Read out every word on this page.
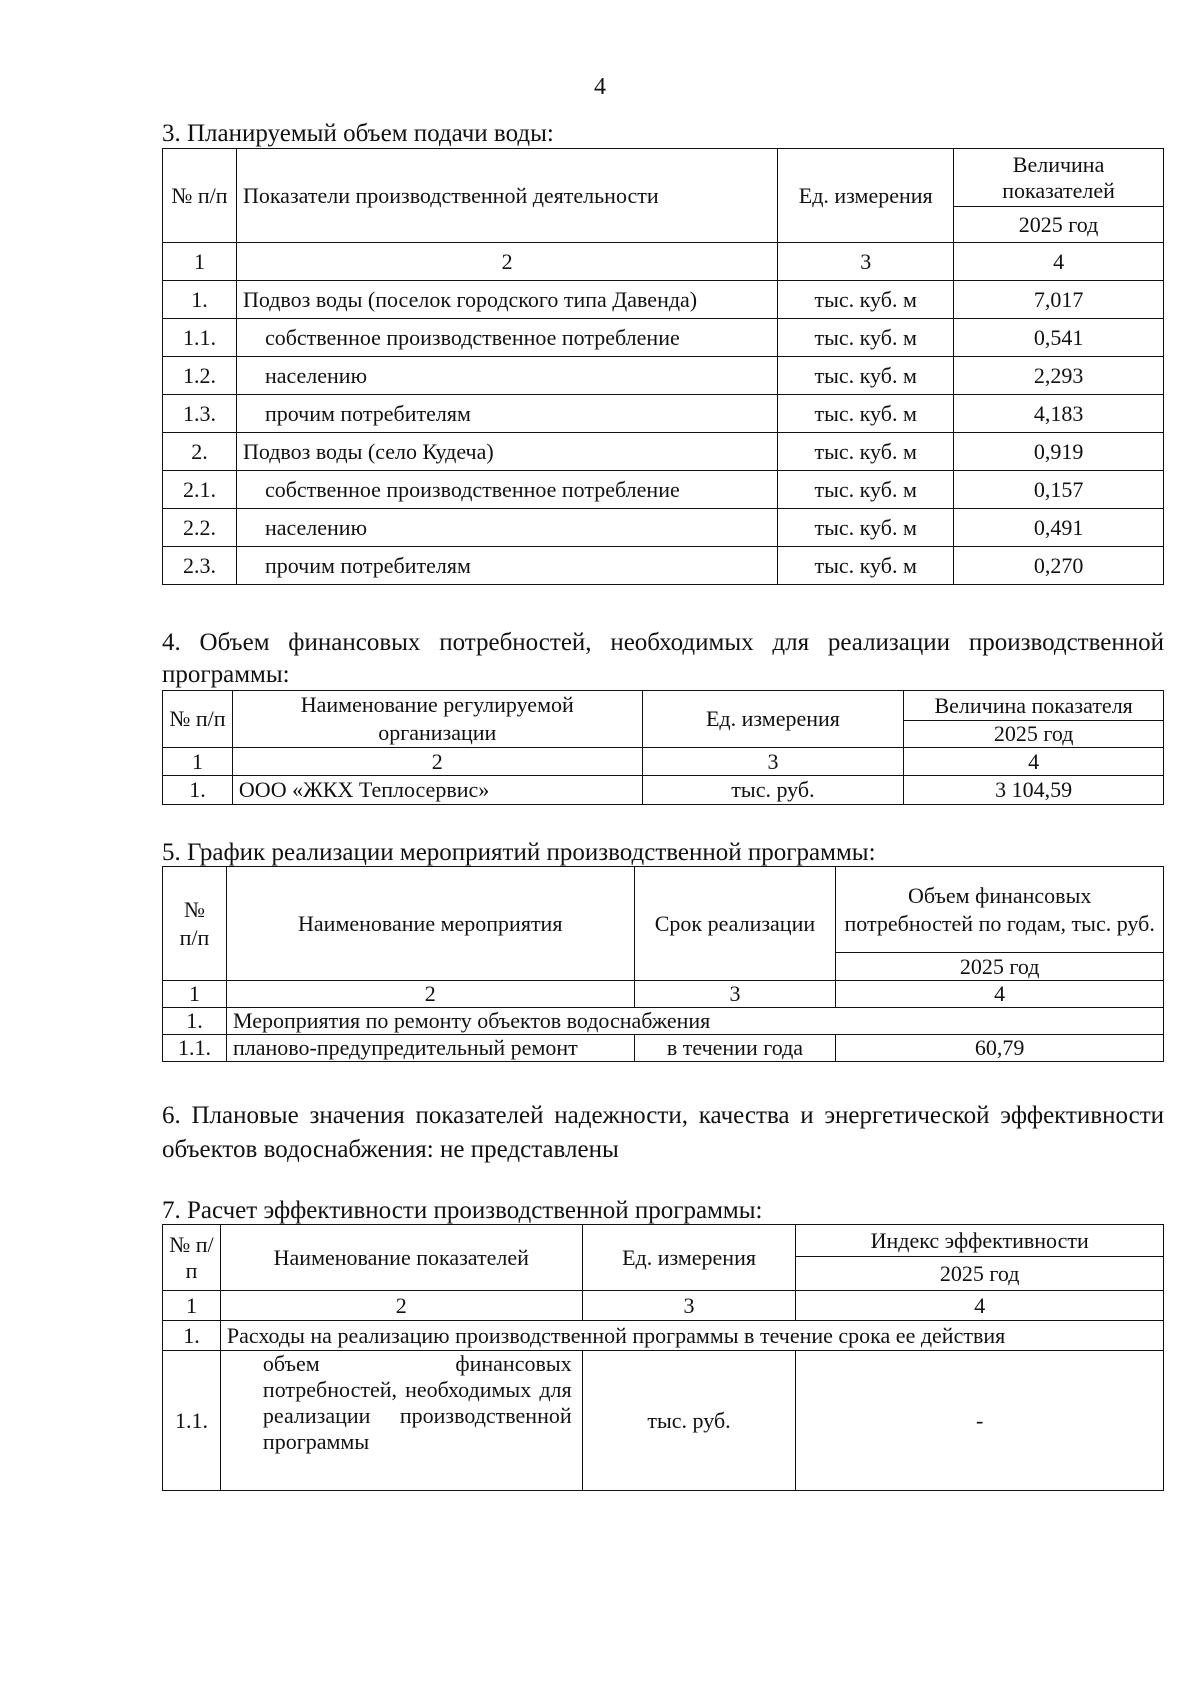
4
3. Планируемый объем подачи воды:
№ п/п	Показатели производственной деятельности	Ед. измерения	Величина показателей
			2025 год
1	2	3	4
1.	Подвоз воды (поселок городского типа Давенда)	тыс. куб. м	7,017
1.1.	собственное производственное потребление	тыс. куб. м	0,541
1.2.	населению	тыс. куб. м	2,293
1.3.	прочим потребителям	тыс. куб. м	4,183
2.	Подвоз воды (село Кудеча)	тыс. куб. м	0,919
2.1.	собственное производственное потребление	тыс. куб. м	0,157
2.2.	населению	тыс. куб. м	0,491
2.3.	прочим потребителям	тыс. куб. м	0,270
4. Объем финансовых потребностей, необходимых для реализации производственной программы:
№ п/п	Наименование регулируемой организации	Ед. измерения	Величина показателя
			2025 год
1	2	3	4
1.	ООО «ЖКХ Теплосервис»	тыс. руб.	3 104,59
5. График реализации мероприятий производственной программы:
№ п/п	Наименование мероприятия	Срок реализации	Объем финансовых потребностей по годам, тыс. руб.
			2025 год
1	2	3	4
1.	Мероприятия по ремонту объектов водоснабжения		
1.1.	планово-предупредительный ремонт	в течении года	60,79
6. Плановые значения показателей надежности, качества и энергетической эффективности объектов водоснабжения: не представлены
7. Расчет эффективности производственной программы:
№ п/п	Наименование показателей	Ед. измерения	Индекс эффективности
			2025 год
1	2	3	4
1.	Расходы на реализацию производственной программы в течение срока ее действия		
1.1.	объем финансовых потребностей, необходимых для реализации производственной программы	тыс. руб.	-
